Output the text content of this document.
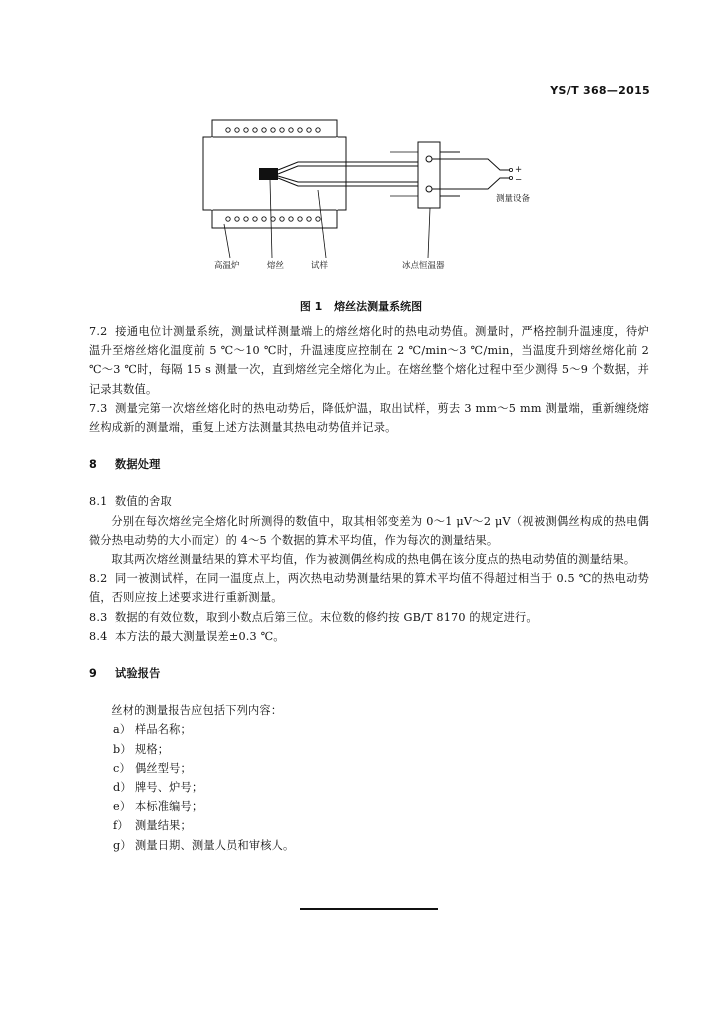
YS/T 368—2015
+
−
测量设备
高温炉	熔丝	试样	冰点恒温器
图 1 熔丝法测量系统图

7.2 接通电位计测量系统，测量试样测量端上的熔丝熔化时的热电动势值。测量时，严格控制升温速度，待炉温升至熔丝熔化温度前 5 ℃～10 ℃时，升温速度应控制在 2 ℃/min～3 ℃/min，当温度升到熔丝熔化前 2 ℃～3 ℃时，每隔 15 s 测量一次，直到熔丝完全熔化为止。在熔丝整个熔化过程中至少测得 5～9 个数据，并记录其数值。

7.3 测量完第一次熔丝熔化时的热电动势后，降低炉温，取出试样，剪去 3 mm～5 mm 测量端，重新缠绕熔丝构成新的测量端，重复上述方法测量其热电动势值并记录。

8 数据处理

8.1 数值的舍取

分别在每次熔丝完全熔化时所测得的数值中，取其相邻变差为 0～1 μV～2 μV（视被测偶丝构成的热电偶微分热电动势的大小而定）的 4～5 个数据的算术平均值，作为每次的测量结果。

取其两次熔丝测量结果的算术平均值，作为被测偶丝构成的热电偶在该分度点的热电动势值的测量结果。

8.2 同一被测试样，在同一温度点上，两次热电动势测量结果的算术平均值不得超过相当于 0.5 ℃的热电动势值，否则应按上述要求进行重新测量。

8.3 数据的有效位数，取到小数点后第三位。末位数的修约按 GB/T 8170 的规定进行。

8.4 本方法的最大测量误差±0.3 ℃。

9 试验报告

丝材的测量报告应包括下列内容：

a） 样品名称；

b） 规格；

c） 偶丝型号；

d） 牌号、炉号；

e） 本标准编号；

f） 测量结果；

g） 测量日期、测量人员和审核人。
